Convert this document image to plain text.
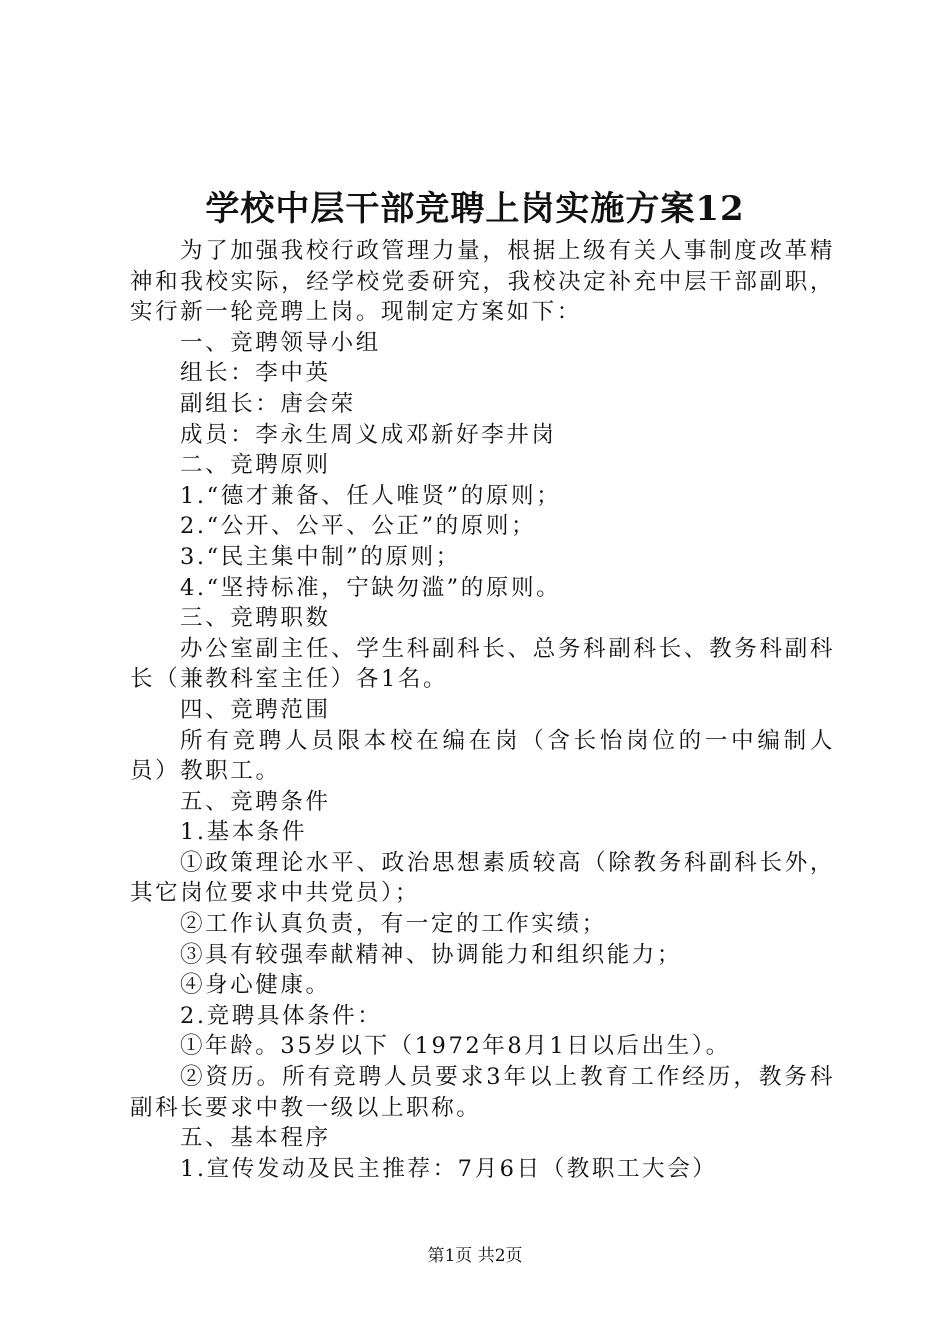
学校中层干部竞聘上岗实施方案12

为了加强我校行政管理力量，根据上级有关人事制度改革精神和我校实际，经学校党委研究，我校决定补充中层干部副职，实行新一轮竞聘上岗。现制定方案如下：

一、竞聘领导小组

组长：李中英

副组长：唐会荣

成员：李永生周义成邓新好李井岗

二、竞聘原则

1.“德才兼备、任人唯贤”的原则；

2.“公开、公平、公正”的原则；

3.“民主集中制”的原则；

4.“坚持标准，宁缺勿滥”的原则。

三、竞聘职数

办公室副主任、学生科副科长、总务科副科长、教务科副科长（兼教科室主任）各1名。

四、竞聘范围

所有竞聘人员限本校在编在岗（含长怡岗位的一中编制人员）教职工。

五、竞聘条件

1.基本条件

①政策理论水平、政治思想素质较高（除教务科副科长外，其它岗位要求中共党员）；

②工作认真负责，有一定的工作实绩；

③具有较强奉献精神、协调能力和组织能力；

④身心健康。

2.竞聘具体条件：

①年龄。35岁以下（1972年8月1日以后出生）。

②资历。所有竞聘人员要求3年以上教育工作经历，教务科副科长要求中教一级以上职称。

五、基本程序

1.宣传发动及民主推荐：7月6日（教职工大会）

第1页 共2页
